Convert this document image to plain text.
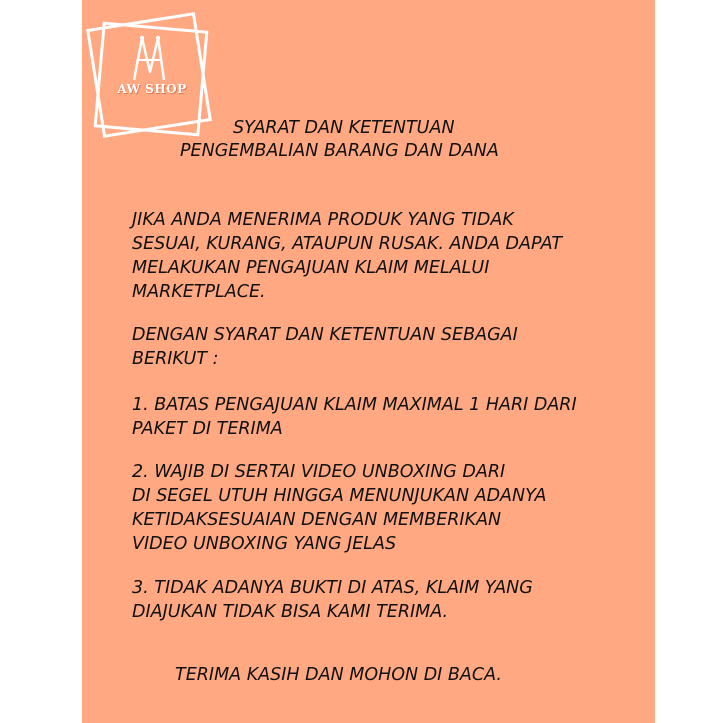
AW SHOP

SYARAT DAN KETENTUAN

PENGEMBALIAN BARANG DAN DANA

JIKA ANDA MENERIMA PRODUK YANG TIDAK
SESUAI, KURANG, ATAUPUN RUSAK. ANDA DAPAT
MELAKUKAN PENGAJUAN KLAIM MELALUI
MARKETPLACE.

DENGAN SYARAT DAN KETENTUAN SEBAGAI
BERIKUT :

1. BATAS PENGAJUAN KLAIM MAXIMAL 1 HARI DARI
PAKET DI TERIMA

2. WAJIB DI SERTAI VIDEO UNBOXING DARI
DI SEGEL UTUH HINGGA MENUNJUKAN ADANYA
KETIDAKSESUAIAN DENGAN MEMBERIKAN
VIDEO UNBOXING YANG JELAS

3. TIDAK ADANYA BUKTI DI ATAS, KLAIM YANG
DIAJUKAN TIDAK BISA KAMI TERIMA.

TERIMA KASIH DAN MOHON DI BACA.
